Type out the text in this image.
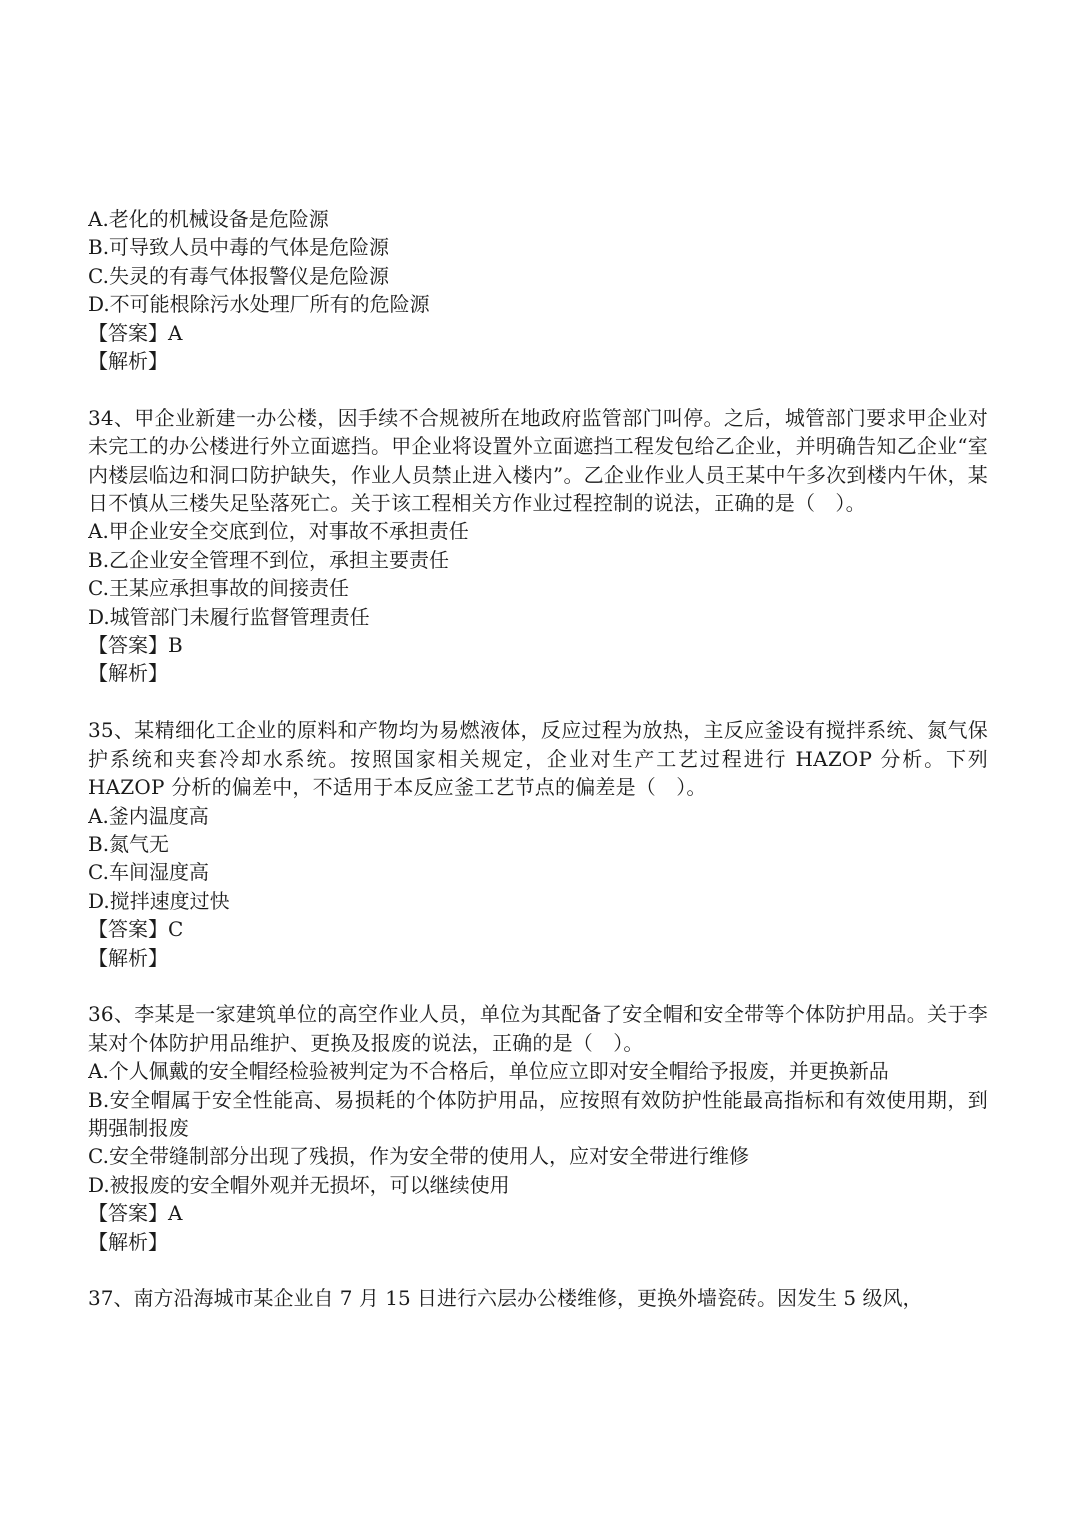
A.老化的机械设备是危险源
B.可导致人员中毒的气体是危险源
C.失灵的有毒气体报警仪是危险源
D.不可能根除污水处理厂所有的危险源
【答案】A
【解析】
34、甲企业新建一办公楼，因手续不合规被所在地政府监管部门叫停。之后，城管部门要求甲企业对未完工的办公楼进行外立面遮挡。甲企业将设置外立面遮挡工程发包给乙企业，并明确告知乙企业“室内楼层临边和洞口防护缺失，作业人员禁止进入楼内”。乙企业作业人员王某中午多次到楼内午休，某日不慎从三楼失足坠落死亡。关于该工程相关方作业过程控制的说法，正确的是（　）。
A.甲企业安全交底到位，对事故不承担责任
B.乙企业安全管理不到位，承担主要责任
C.王某应承担事故的间接责任
D.城管部门未履行监督管理责任
【答案】B
【解析】
35、某精细化工企业的原料和产物均为易燃液体，反应过程为放热，主反应釜设有搅拌系统、氮气保护系统和夹套冷却水系统。按照国家相关规定，企业对生产工艺过程进行 HAZOP 分析。下列 HAZOP 分析的偏差中，不适用于本反应釜工艺节点的偏差是（　）。
A.釜内温度高
B.氮气无
C.车间湿度高
D.搅拌速度过快
【答案】C
【解析】
36、李某是一家建筑单位的高空作业人员，单位为其配备了安全帽和安全带等个体防护用品。关于李某对个体防护用品维护、更换及报废的说法，正确的是（　）。
A.个人佩戴的安全帽经检验被判定为不合格后，单位应立即对安全帽给予报废，并更换新品
B.安全帽属于安全性能高、易损耗的个体防护用品，应按照有效防护性能最高指标和有效使用期，到期强制报废
C.安全带缝制部分出现了残损，作为安全带的使用人，应对安全带进行维修
D.被报废的安全帽外观并无损坏，可以继续使用
【答案】A
【解析】
37、南方沿海城市某企业自 7 月 15 日进行六层办公楼维修，更换外墙瓷砖。因发生 5 级风，
